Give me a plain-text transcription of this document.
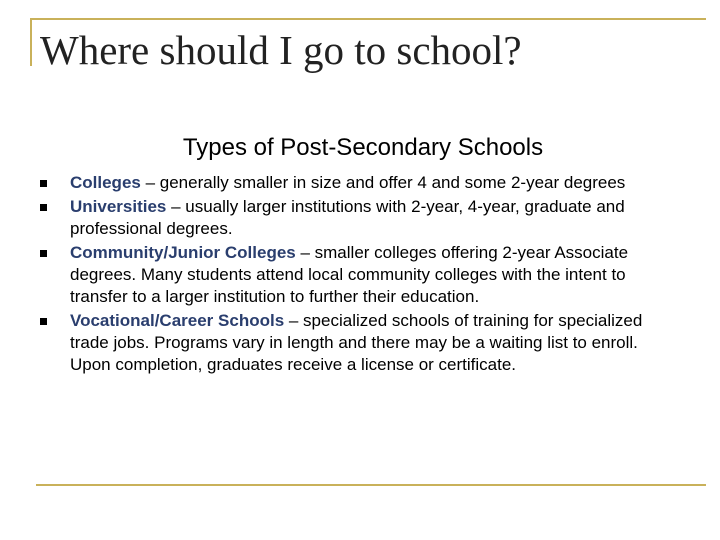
Where should I go to school?
Types of Post-Secondary Schools
Colleges – generally smaller in size and offer 4 and some 2-year degrees
Universities – usually larger institutions with 2-year, 4-year, graduate and professional degrees.
Community/Junior Colleges – smaller colleges offering 2-year Associate degrees. Many students attend local community colleges with the intent to transfer to a larger institution to further their education.
Vocational/Career Schools – specialized schools of training for specialized trade jobs. Programs vary in length and there may be a waiting list to enroll. Upon completion, graduates receive a license or certificate.
